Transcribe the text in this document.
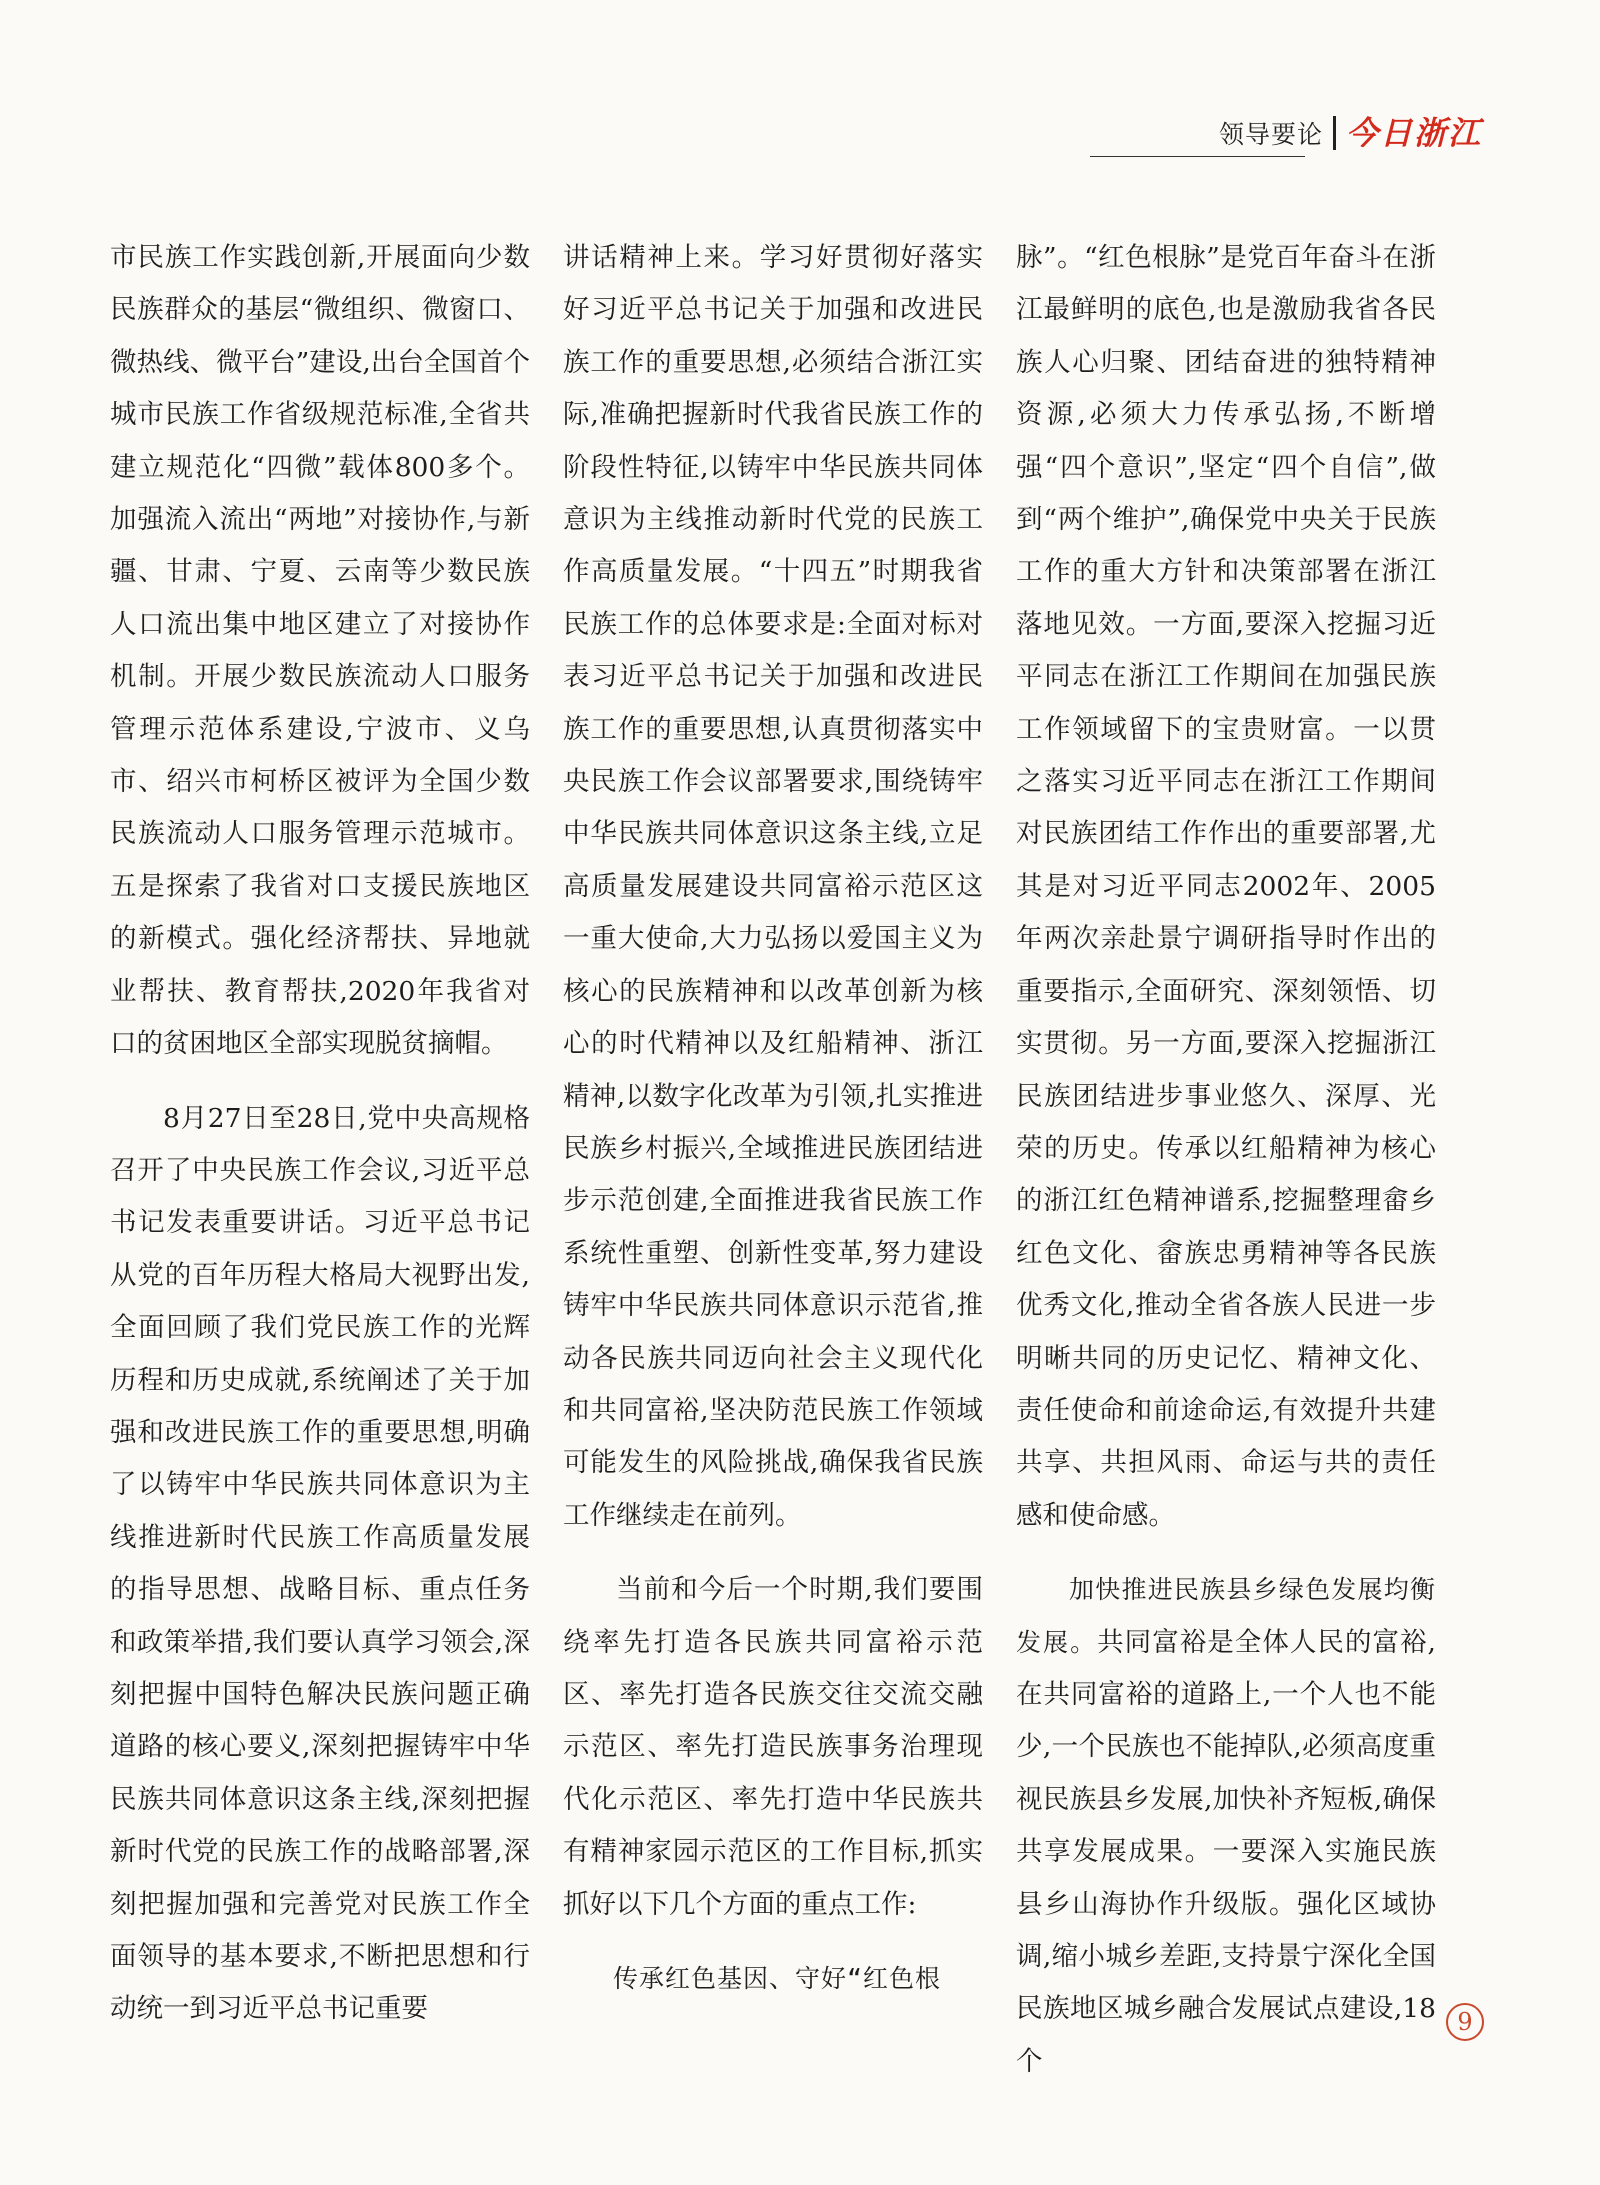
领导要论 今日浙江

市民族工作实践创新,开展面向少数民族群众的基层“微组织、微窗口、微热线、微平台”建设,出台全国首个城市民族工作省级规范标准,全省共建立规范化“四微”载体800多个。加强流入流出“两地”对接协作,与新疆、甘肃、宁夏、云南等少数民族人口流出集中地区建立了对接协作机制。开展少数民族流动人口服务管理示范体系建设,宁波市、义乌市、绍兴市柯桥区被评为全国少数民族流动人口服务管理示范城市。五是探索了我省对口支援民族地区的新模式。强化经济帮扶、异地就业帮扶、教育帮扶,2020年我省对口的贫困地区全部实现脱贫摘帽。

8月27日至28日,党中央高规格召开了中央民族工作会议,习近平总书记发表重要讲话。习近平总书记从党的百年历程大格局大视野出发,全面回顾了我们党民族工作的光辉历程和历史成就,系统阐述了关于加强和改进民族工作的重要思想,明确了以铸牢中华民族共同体意识为主线推进新时代民族工作高质量发展的指导思想、战略目标、重点任务和政策举措,我们要认真学习领会,深刻把握中国特色解决民族问题正确道路的核心要义,深刻把握铸牢中华民族共同体意识这条主线,深刻把握新时代党的民族工作的战略部署,深刻把握加强和完善党对民族工作全面领导的基本要求,不断把思想和行动统一到习近平总书记重要

讲话精神上来。学习好贯彻好落实好习近平总书记关于加强和改进民族工作的重要思想,必须结合浙江实际,准确把握新时代我省民族工作的阶段性特征,以铸牢中华民族共同体意识为主线推动新时代党的民族工作高质量发展。“十四五”时期我省民族工作的总体要求是:全面对标对表习近平总书记关于加强和改进民族工作的重要思想,认真贯彻落实中央民族工作会议部署要求,围绕铸牢中华民族共同体意识这条主线,立足高质量发展建设共同富裕示范区这一重大使命,大力弘扬以爱国主义为核心的民族精神和以改革创新为核心的时代精神以及红船精神、浙江精神,以数字化改革为引领,扎实推进民族乡村振兴,全域推进民族团结进步示范创建,全面推进我省民族工作系统性重塑、创新性变革,努力建设铸牢中华民族共同体意识示范省,推动各民族共同迈向社会主义现代化和共同富裕,坚决防范民族工作领域可能发生的风险挑战,确保我省民族工作继续走在前列。

当前和今后一个时期,我们要围绕率先打造各民族共同富裕示范区、率先打造各民族交往交流交融示范区、率先打造民族事务治理现代化示范区、率先打造中华民族共有精神家园示范区的工作目标,抓实抓好以下几个方面的重点工作:

传承红色基因、守好“红色根

脉”。“红色根脉”是党百年奋斗在浙江最鲜明的底色,也是激励我省各民族人心归聚、团结奋进的独特精神资源,必须大力传承弘扬,不断增强“四个意识”,坚定“四个自信”,做到“两个维护”,确保党中央关于民族工作的重大方针和决策部署在浙江落地见效。一方面,要深入挖掘习近平同志在浙江工作期间在加强民族工作领域留下的宝贵财富。一以贯之落实习近平同志在浙江工作期间对民族团结工作作出的重要部署,尤其是对习近平同志2002年、2005年两次亲赴景宁调研指导时作出的重要指示,全面研究、深刻领悟、切实贯彻。另一方面,要深入挖掘浙江民族团结进步事业悠久、深厚、光荣的历史。传承以红船精神为核心的浙江红色精神谱系,挖掘整理畲乡红色文化、畲族忠勇精神等各民族优秀文化,推动全省各族人民进一步明晰共同的历史记忆、精神文化、责任使命和前途命运,有效提升共建共享、共担风雨、命运与共的责任感和使命感。

加快推进民族县乡绿色发展均衡发展。共同富裕是全体人民的富裕,在共同富裕的道路上,一个人也不能少,一个民族也不能掉队,必须高度重视民族县乡发展,加快补齐短板,确保共享发展成果。一要深入实施民族县乡山海协作升级版。强化区域协调,缩小城乡差距,支持景宁深化全国民族地区城乡融合发展试点建设,18个

9
